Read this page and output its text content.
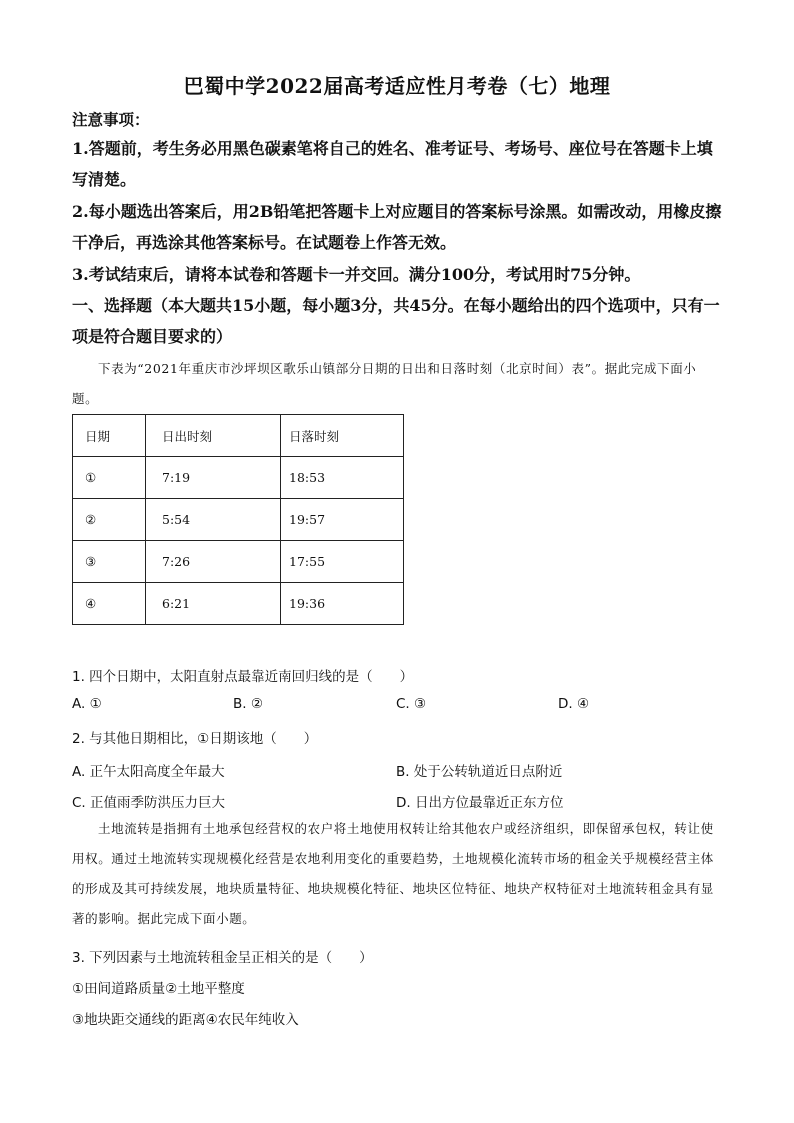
巴蜀中学2022届高考适应性月考卷（七）地理
注意事项：
1.答题前，考生务必用黑色碳素笔将自己的姓名、准考证号、考场号、座位号在答题卡上填写清楚。
2.每小题选出答案后，用2B铅笔把答题卡上对应题目的答案标号涂黑。如需改动，用橡皮擦干净后，再选涂其他答案标号。在试题卷上作答无效。
3.考试结束后，请将本试卷和答题卡一并交回。满分100分，考试用时75分钟。
一、选择题（本大题共15小题，每小题3分，共45分。在每小题给出的四个选项中，只有一项是符合题目要求的）
下表为“2021年重庆市沙坪坝区歌乐山镇部分日期的日出和日落时刻（北京时间）表”。据此完成下面小题。
日期	日出时刻	日落时刻
①	7:19	18:53
②	5:54	19:57
③	7:26	17:55
④	6:21	19:36
1. 四个日期中，太阳直射点最靠近南回归线的是（　　）
A. ①	B. ②	C. ③	D. ④
2. 与其他日期相比，①日期该地（　　）
A. 正午太阳高度全年最大	B. 处于公转轨道近日点附近
C. 正值雨季防洪压力巨大	D. 日出方位最靠近正东方位
土地流转是指拥有土地承包经营权的农户将土地使用权转让给其他农户或经济组织，即保留承包权，转让使用权。通过土地流转实现规模化经营是农地利用变化的重要趋势，土地规模化流转市场的租金关乎规模经营主体的形成及其可持续发展，地块质量特征、地块规模化特征、地块区位特征、地块产权特征对土地流转租金具有显著的影响。据此完成下面小题。
3. 下列因素与土地流转租金呈正相关的是（　　）
①田间道路质量②土地平整度
③地块距交通线的距离④农民年纯收入
